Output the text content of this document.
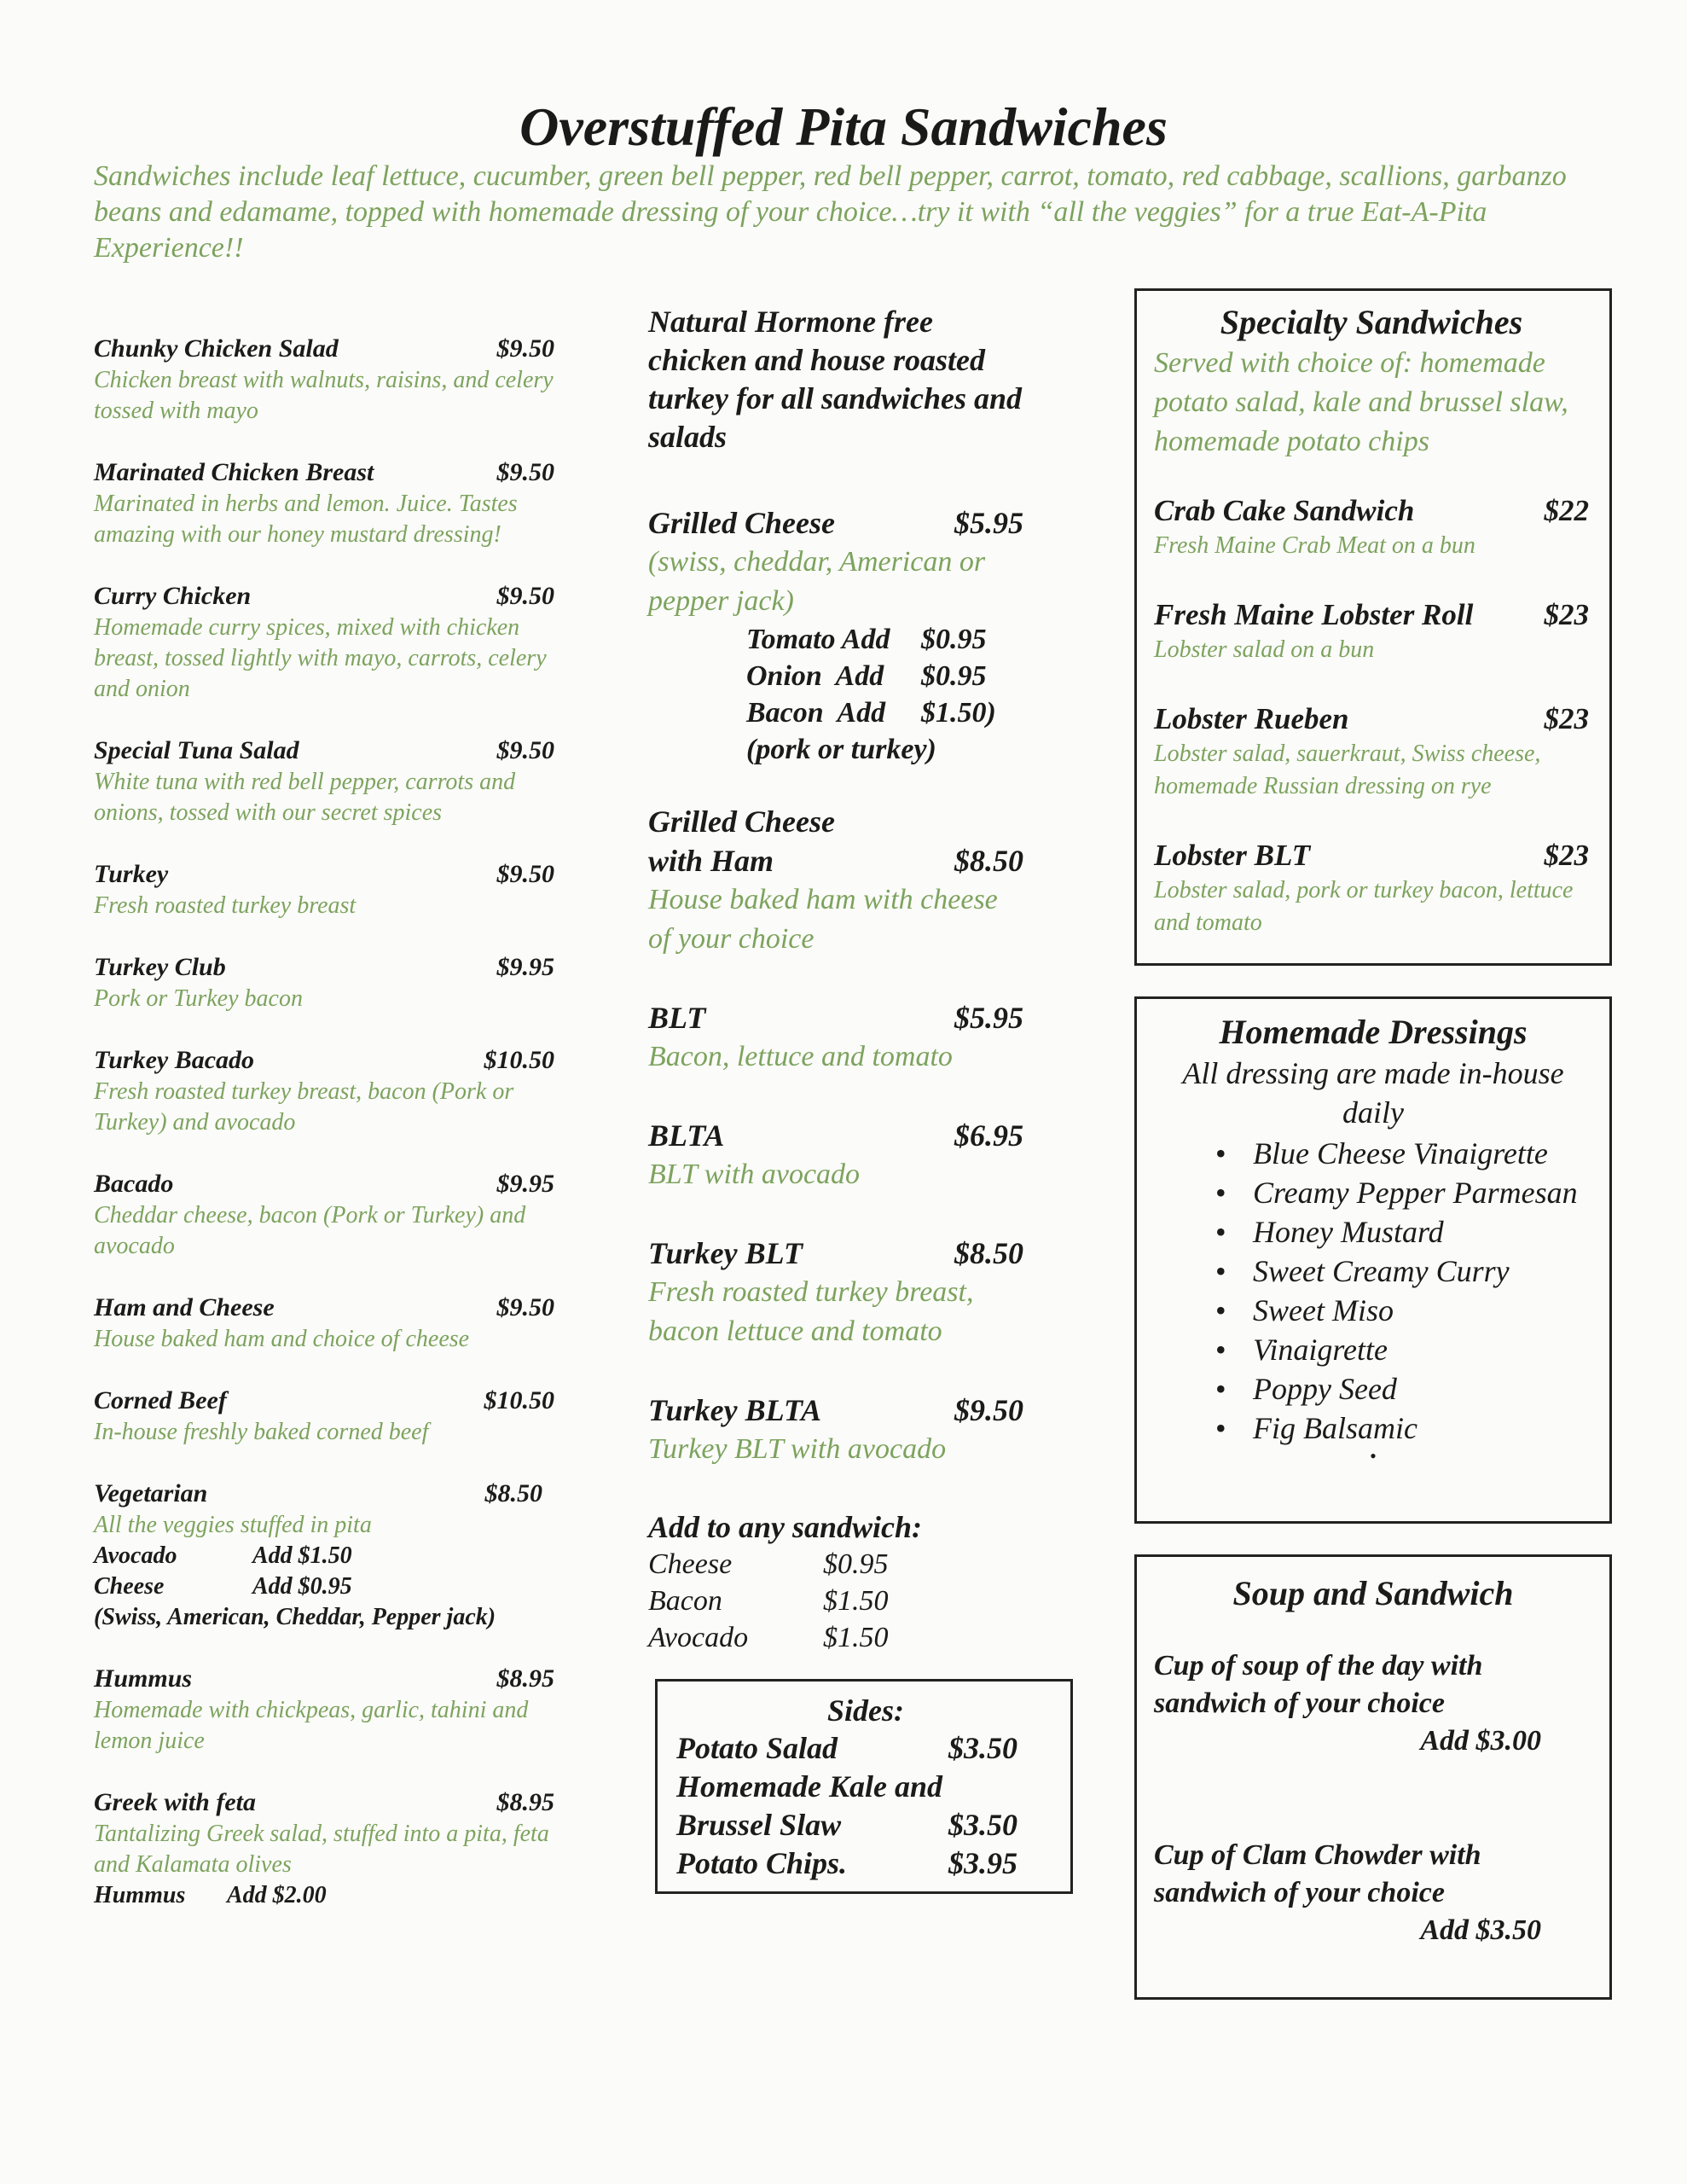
Overstuffed Pita Sandwiches
Sandwiches include leaf lettuce, cucumber, green bell pepper, red bell pepper, carrot, tomato, red cabbage, scallions, garbanzo beans and edamame, topped with homemade dressing of your choice…try it with “all the veggies” for a true Eat-A-Pita Experience!!
Chunky Chicken Salad	$9.50
Chicken breast with walnuts, raisins, and celery tossed with mayo
Marinated Chicken Breast	$9.50
Marinated in herbs and lemon. Juice. Tastes amazing with our honey mustard dressing!
Curry Chicken	$9.50
Homemade curry spices, mixed with chicken breast, tossed lightly with mayo, carrots, celery and onion
Special Tuna Salad	$9.50
White tuna with red bell pepper, carrots and onions, tossed with our secret spices
Turkey	$9.50
Fresh roasted turkey breast
Turkey Club	$9.95
Pork or Turkey bacon
Turkey Bacado	$10.50
Fresh roasted turkey breast, bacon (Pork or Turkey) and avocado
Bacado	$9.95
Cheddar cheese, bacon (Pork or Turkey) and avocado
Ham and Cheese	$9.50
House baked ham and choice of cheese
Corned Beef	$10.50
In-house freshly baked corned beef
Vegetarian	$8.50
All the veggies stuffed in pita
Avocado	Add $1.50
Cheese	Add $0.95
(Swiss, American, Cheddar, Pepper jack)
Hummus	$8.95
Homemade with chickpeas, garlic, tahini and lemon juice
Greek with feta	$8.95
Tantalizing Greek salad, stuffed into a pita, feta and Kalamata olives
Hummus	Add $2.00
Natural Hormone free chicken and house roasted turkey for all sandwiches and salads
Grilled Cheese	$5.95
(swiss, cheddar, American or pepper jack)
Tomato Add $0.95
Onion  Add $0.95
Bacon  Add $1.50)
(pork or turkey)
Grilled Cheese
with Ham	$8.50
House baked ham with cheese of your choice
BLT	$5.95
Bacon, lettuce and tomato
BLTA	$6.95
BLT with avocado
Turkey BLT	$8.50
Fresh roasted turkey breast, bacon lettuce and tomato
Turkey BLTA	$9.50
Turkey BLT with avocado
Add to any sandwich:
Cheese	$0.95
Bacon	$1.50
Avocado	$1.50
Sides:
Potato Salad	$3.50
Homemade Kale and
Brussel Slaw	$3.50
Potato Chips.	$3.95
Specialty Sandwiches
Served with choice of: homemade potato salad, kale and brussel slaw, homemade potato chips
Crab Cake Sandwich	$22
Fresh Maine Crab Meat on a bun
Fresh Maine Lobster Roll $23
Lobster salad on a bun
Lobster Rueben	$23
Lobster salad, sauerkraut, Swiss cheese, homemade Russian dressing on rye
Lobster BLT	$23
Lobster salad, pork or turkey bacon, lettuce and tomato
Homemade Dressings
All dressing are made in-house daily
• Blue Cheese Vinaigrette
• Creamy Pepper Parmesan
• Honey Mustard
• Sweet Creamy Curry
• Sweet Miso
• Vinaigrette
• Poppy Seed
• Fig Balsamic
•
Soup and Sandwich
Cup of soup of the day with sandwich of your choice
Add $3.00
Cup of Clam Chowder with sandwich of your choice
Add $3.50
